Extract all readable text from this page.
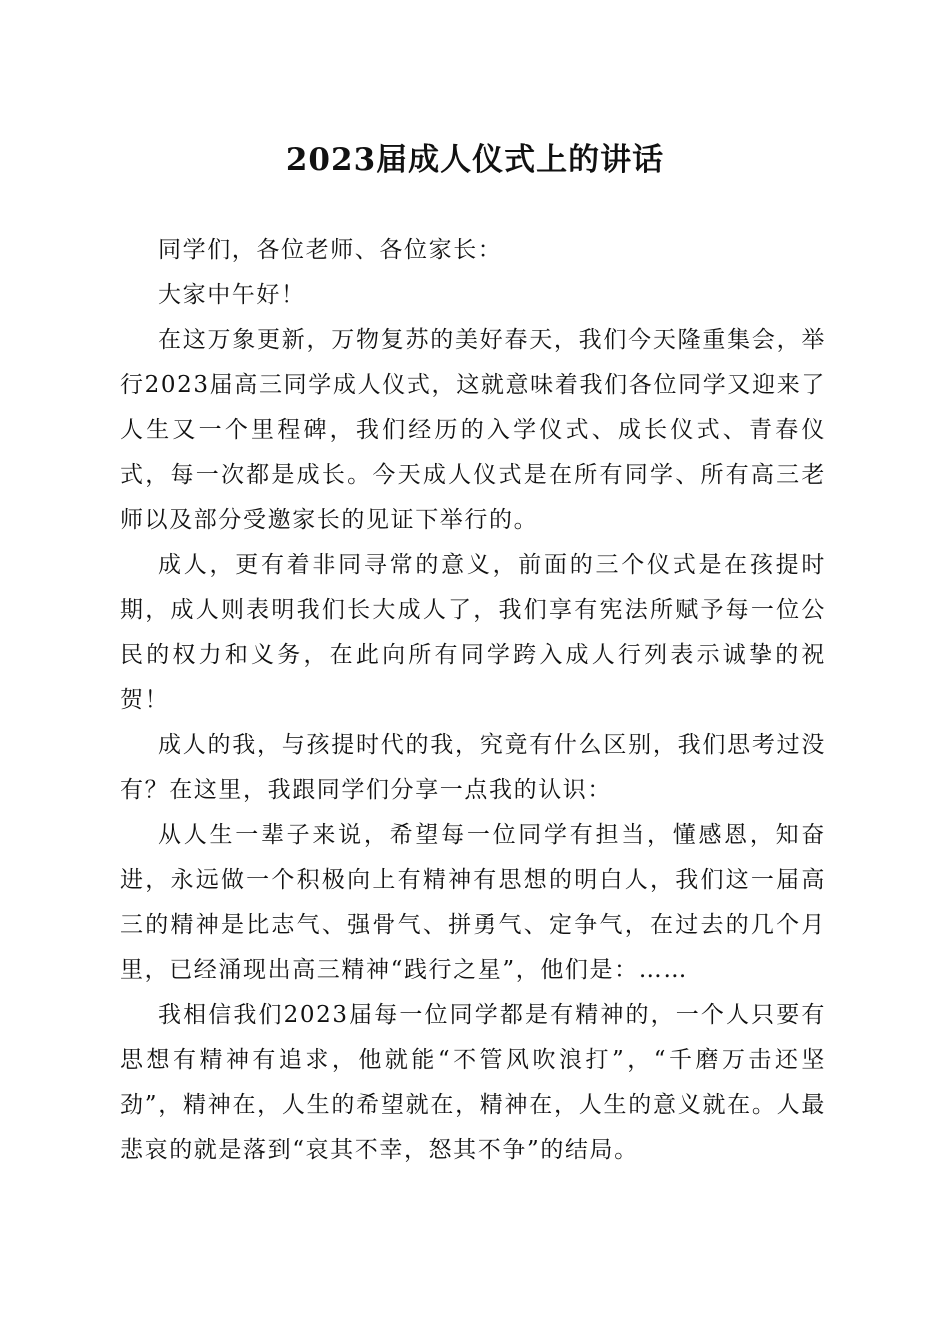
2023届成人仪式上的讲话

同学们，各位老师、各位家长：

大家中午好！

在这万象更新，万物复苏的美好春天，我们今天隆重集会，举行2023届高三同学成人仪式，这就意味着我们各位同学又迎来了人生又一个里程碑，我们经历的入学仪式、成长仪式、青春仪式，每一次都是成长。今天成人仪式是在所有同学、所有高三老师以及部分受邀家长的见证下举行的。

成人，更有着非同寻常的意义，前面的三个仪式是在孩提时期，成人则表明我们长大成人了，我们享有宪法所赋予每一位公民的权力和义务，在此向所有同学跨入成人行列表示诚挚的祝贺！

成人的我，与孩提时代的我，究竟有什么区别，我们思考过没有？在这里，我跟同学们分享一点我的认识：

从人生一辈子来说，希望每一位同学有担当，懂感恩，知奋进，永远做一个积极向上有精神有思想的明白人，我们这一届高三的精神是比志气、强骨气、拼勇气、定争气，在过去的几个月里，已经涌现出高三精神“践行之星”，他们是：……

我相信我们2023届每一位同学都是有精神的，一个人只要有思想有精神有追求，他就能“不管风吹浪打”，“千磨万击还坚劲”，精神在，人生的希望就在，精神在，人生的意义就在。人最悲哀的就是落到“哀其不幸，怒其不争”的结局。
